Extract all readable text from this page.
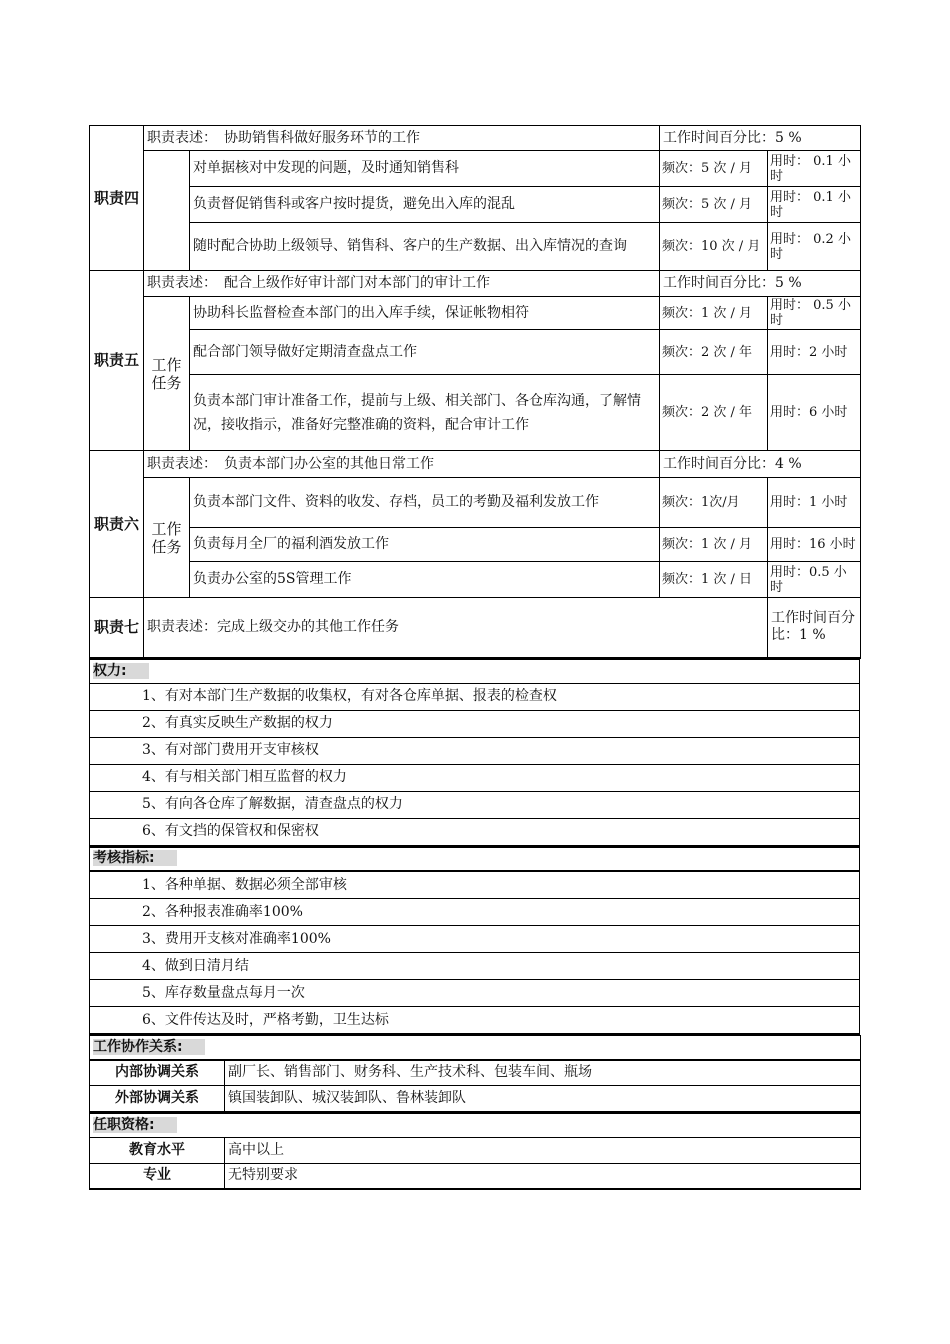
职责四	职责表述：　 协助销售科做好服务环节的工作		工作时间百分比：5 %	
		对单据核对中发现的问题，及时通知销售科	频次：5 次 / 月	用时： 0.1 小时
		负责督促销售科或客户按时提货，避免出入库的混乱	频次：5 次 / 月	用时： 0.1 小时
		随时配合协助上级领导、销售科、客户的生产数据、出入库情况的查询	频次：10 次 / 月	用时： 0.2 小时
职责五	职责表述：　 配合上级作好审计部门对本部门的审计工作		工作时间百分比：5 %	
	工作任务	协助科长监督检查本部门的出入库手续，保证帐物相符	频次：1 次 / 月	用时： 0.5 小时
		配合部门领导做好定期清查盘点工作	频次：2 次 / 年	用时：2 小时
		负责本部门审计准备工作，提前与上级、相关部门、各仓库沟通，了解情况，接收指示，准备好完整准确的资料，配合审计工作	频次：2 次 / 年	用时：6 小时
职责六	职责表述：　 负责本部门办公室的其他日常工作		工作时间百分比：4 %	
	工作任务	负责本部门文件、资料的收发、存档，员工的考勤及福利发放工作	频次：1次/月	用时：1 小时
		负责每月全厂的福利酒发放工作	频次：1 次 / 月	用时：16 小时
		负责办公室的5S管理工作	频次：1 次 / 日	用时：0.5 小时
职责七	职责表述：完成上级交办的其他工作任务			工作时间百分比：1 %
权力:
1、有对本部门生产数据的收集权，有对各仓库单据、报表的检查权
2、有真实反映生产数据的权力
3、有对部门费用开支审核权
4、有与相关部门相互监督的权力
5、有向各仓库了解数据，清查盘点的权力
6、有文挡的保管权和保密权
考核指标:
1、各种单据、数据必须全部审核
2、各种报表准确率100%
3、费用开支核对准确率100%
4、做到日清月结
5、库存数量盘点每月一次
6、文件传达及时，严格考勤，卫生达标
工作协作关系:	
内部协调关系	副厂长、销售部门、财务科、生产技术科、包装车间、瓶场
外部协调关系	镇国装卸队、城汉装卸队、鲁林装卸队
任职资格:	
教育水平	高中以上
专业	无特别要求
